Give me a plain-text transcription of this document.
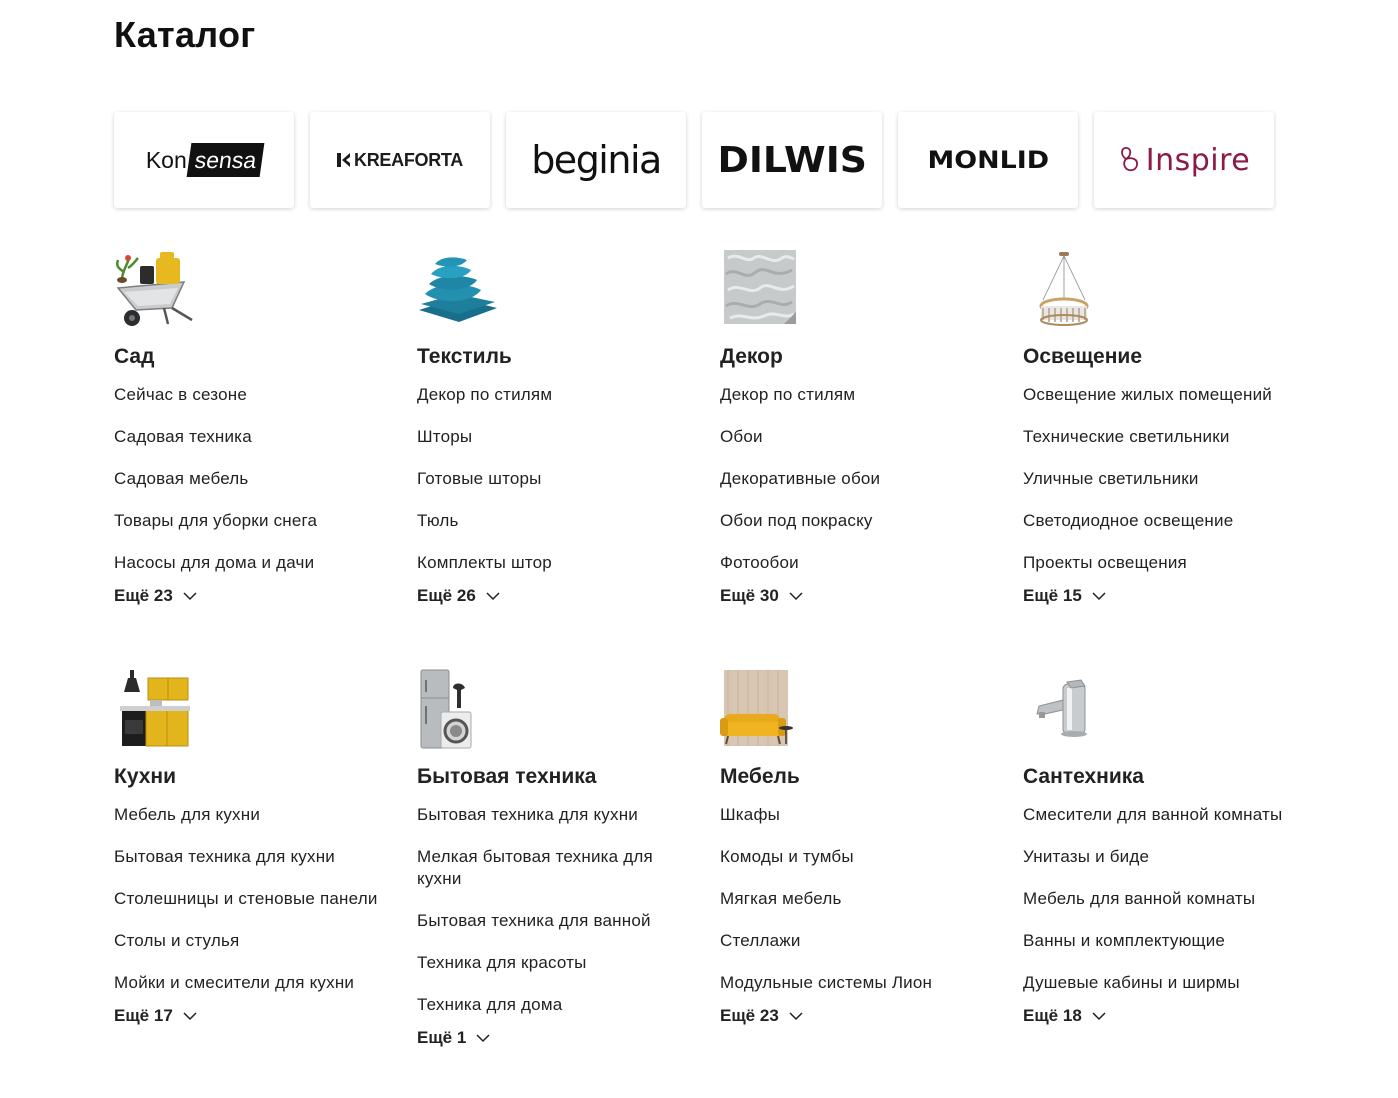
Каталог
Kon sensa	KREAFORTA beginia DILWIS	MONLID	Inspire
Сад
Сейчас в сезоне
Садовая техника
Садовая мебель
Товары для уборки снега
Насосы для дома и дачи
Ещё 23
Текстиль
Декор по стилям
Шторы
Готовые шторы
Тюль
Комплекты штор
Ещё 26
Декор
Декор по стилям
Обои
Декоративные обои
Обои под покраску
Фотообои
Ещё 30
Освещение
Освещение жилых помещений
Технические светильники
Уличные светильники
Светодиодное освещение
Проекты освещения
Ещё 15
Кухни
Мебель для кухни
Бытовая техника для кухни
Столешницы и стеновые панели
Столы и стулья
Мойки и смесители для кухни
Ещё 17
Бытовая техника
Бытовая техника для кухни
Мелкая бытовая техника для кухни
Бытовая техника для ванной
Техника для красоты
Техника для дома
Ещё 1
Мебель
Шкафы
Комоды и тумбы
Мягкая мебель
Стеллажи
Модульные системы Лион
Ещё 23
Сантехника
Смесители для ванной комнаты
Унитазы и биде
Мебель для ванной комнаты
Ванны и комплектующие
Душевые кабины и ширмы
Ещё 18
